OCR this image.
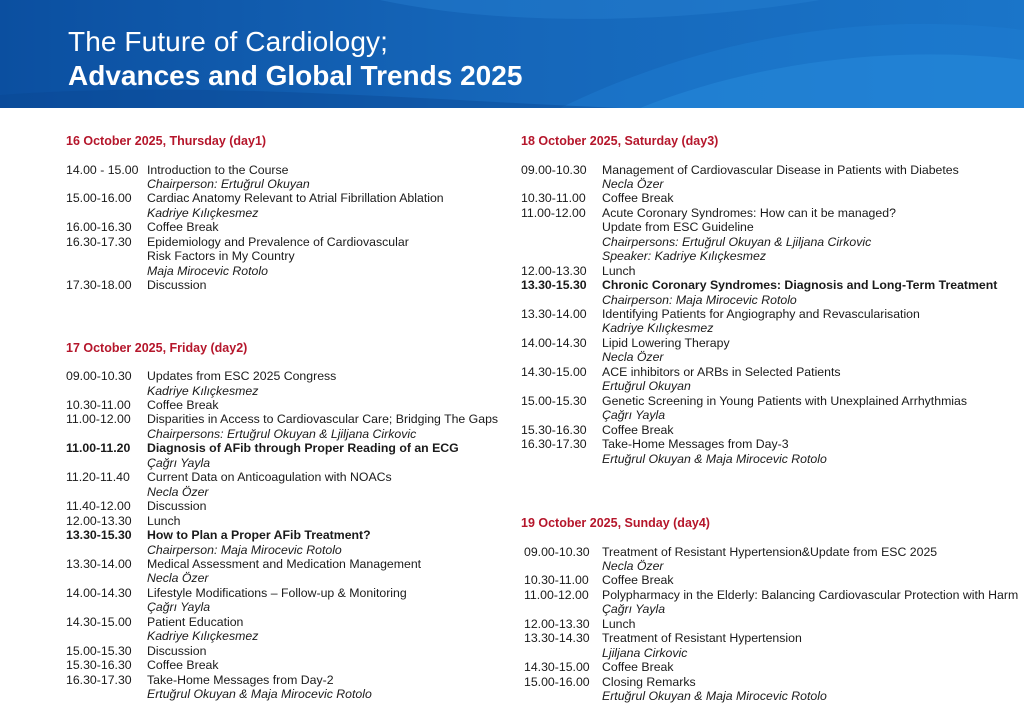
The Future of Cardiology;
Advances and Global Trends 2025
16 October 2025, Thursday (day1)
14.00 - 15.00 Introduction to the Course
Chairperson: Ertuğrul Okuyan
15.00-16.00	Cardiac Anatomy Relevant to Atrial Fibrillation Ablation
Kadriye Kılıçkesmez
16.00-16.30	Coffee Break
16.30-17.30	Epidemiology and Prevalence of Cardiovascular
Risk Factors in My Country
Maja Mirocevic Rotolo
17.30-18.00	Discussion
17 October 2025, Friday (day2)
09.00-10.30	Updates from ESC 2025 Congress
Kadriye Kılıçkesmez
10.30-11.00	Coffee Break
11.00-12.00	Disparities in Access to Cardiovascular Care; Bridging The Gaps
Chairpersons: Ertuğrul Okuyan & Ljiljana Cirkovic
11.00-11.20	Diagnosis of AFib through Proper Reading of an ECG
Çağrı Yayla
11.20-11.40	Current Data on Anticoagulation with NOACs
Necla Özer
11.40-12.00	Discussion
12.00-13.30	Lunch
13.30-15.30	How to Plan a Proper AFib Treatment?
Chairperson: Maja Mirocevic Rotolo
13.30-14.00	Medical Assessment and Medication Management
Necla Özer
14.00-14.30	Lifestyle Modifications – Follow-up & Monitoring
Çağrı Yayla
14.30-15.00	Patient Education
Kadriye Kılıçkesmez
15.00-15.30	Discussion
15.30-16.30	Coffee Break
16.30-17.30	Take-Home Messages from Day-2
Ertuğrul Okuyan & Maja Mirocevic Rotolo
18 October 2025, Saturday (day3)
09.00-10.30	Management of Cardiovascular Disease in Patients with Diabetes
Necla Özer
10.30-11.00	Coffee Break
11.00-12.00	Acute Coronary Syndromes: How can it be managed?
Update from ESC Guideline
Chairpersons: Ertuğrul Okuyan & Ljiljana Cirkovic
Speaker: Kadriye Kılıçkesmez
12.00-13.30	Lunch
13.30-15.30	Chronic Coronary Syndromes: Diagnosis and Long-Term Treatment
Chairperson: Maja Mirocevic Rotolo
13.30-14.00	Identifying Patients for Angiography and Revascularisation
Kadriye Kılıçkesmez
14.00-14.30	Lipid Lowering Therapy
Necla Özer
14.30-15.00	ACE inhibitors or ARBs in Selected Patients
Ertuğrul Okuyan
15.00-15.30	Genetic Screening in Young Patients with Unexplained Arrhythmias
Çağrı Yayla
15.30-16.30	Coffee Break
16.30-17.30	Take-Home Messages from Day-3
Ertuğrul Okuyan & Maja Mirocevic Rotolo
19 October 2025, Sunday (day4)
09.00-10.30	Treatment of Resistant Hypertension&Update from ESC 2025
Necla Özer
10.30-11.00	Coffee Break
11.00-12.00	Polypharmacy in the Elderly: Balancing Cardiovascular Protection with Harm
Çağrı Yayla
12.00-13.30	Lunch
13.30-14.30	Treatment of Resistant Hypertension
Ljiljana Cirkovic
14.30-15.00	Coffee Break
15.00-16.00	Closing Remarks
Ertuğrul Okuyan & Maja Mirocevic Rotolo
